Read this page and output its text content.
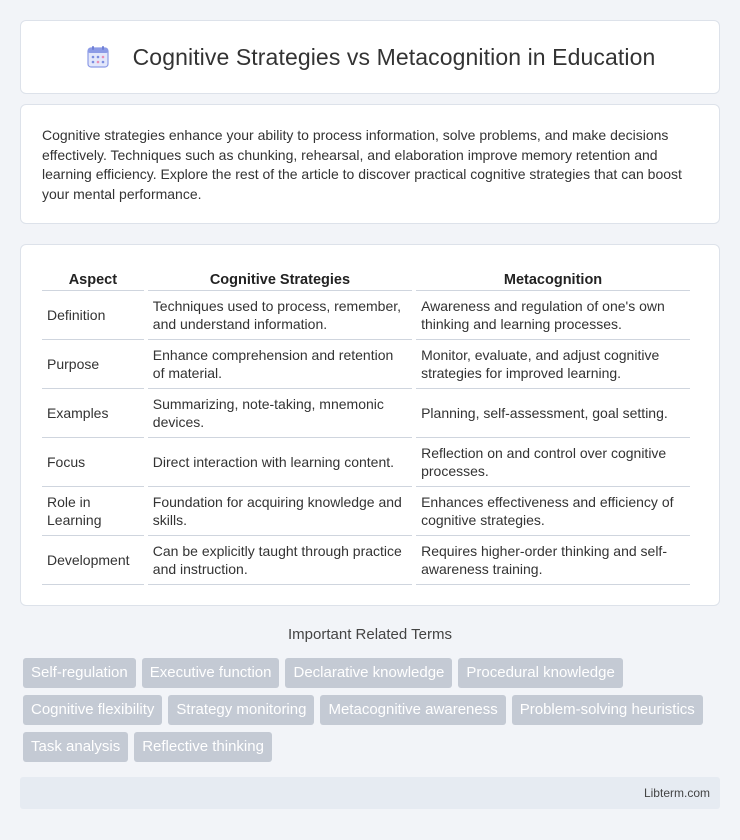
Cognitive Strategies vs Metacognition in Education

Cognitive strategies enhance your ability to process information, solve problems, and make decisions effectively. Techniques such as chunking, rehearsal, and elaboration improve memory retention and learning efficiency. Explore the rest of the article to discover practical cognitive strategies that can boost your mental performance.

Aspect	Cognitive Strategies	Metacognition
Definition	Techniques used to process, remember, and understand information.	Awareness and regulation of one's own thinking and learning processes.
Purpose	Enhance comprehension and retention of material.	Monitor, evaluate, and adjust cognitive strategies for improved learning.
Examples	Summarizing, note-taking, mnemonic devices.	Planning, self-assessment, goal setting.
Focus	Direct interaction with learning content.	Reflection on and control over cognitive processes.
Role in Learning	Foundation for acquiring knowledge and skills.	Enhances effectiveness and efficiency of cognitive strategies.
Development	Can be explicitly taught through practice and instruction.	Requires higher-order thinking and self-awareness training.
Important Related Terms
Self-regulation	Executive function	Declarative knowledge	Procedural knowledge
Cognitive flexibility	Strategy monitoring	Metacognitive awareness	Problem-solving heuristics
Task analysis	Reflective thinking
Libterm.com
